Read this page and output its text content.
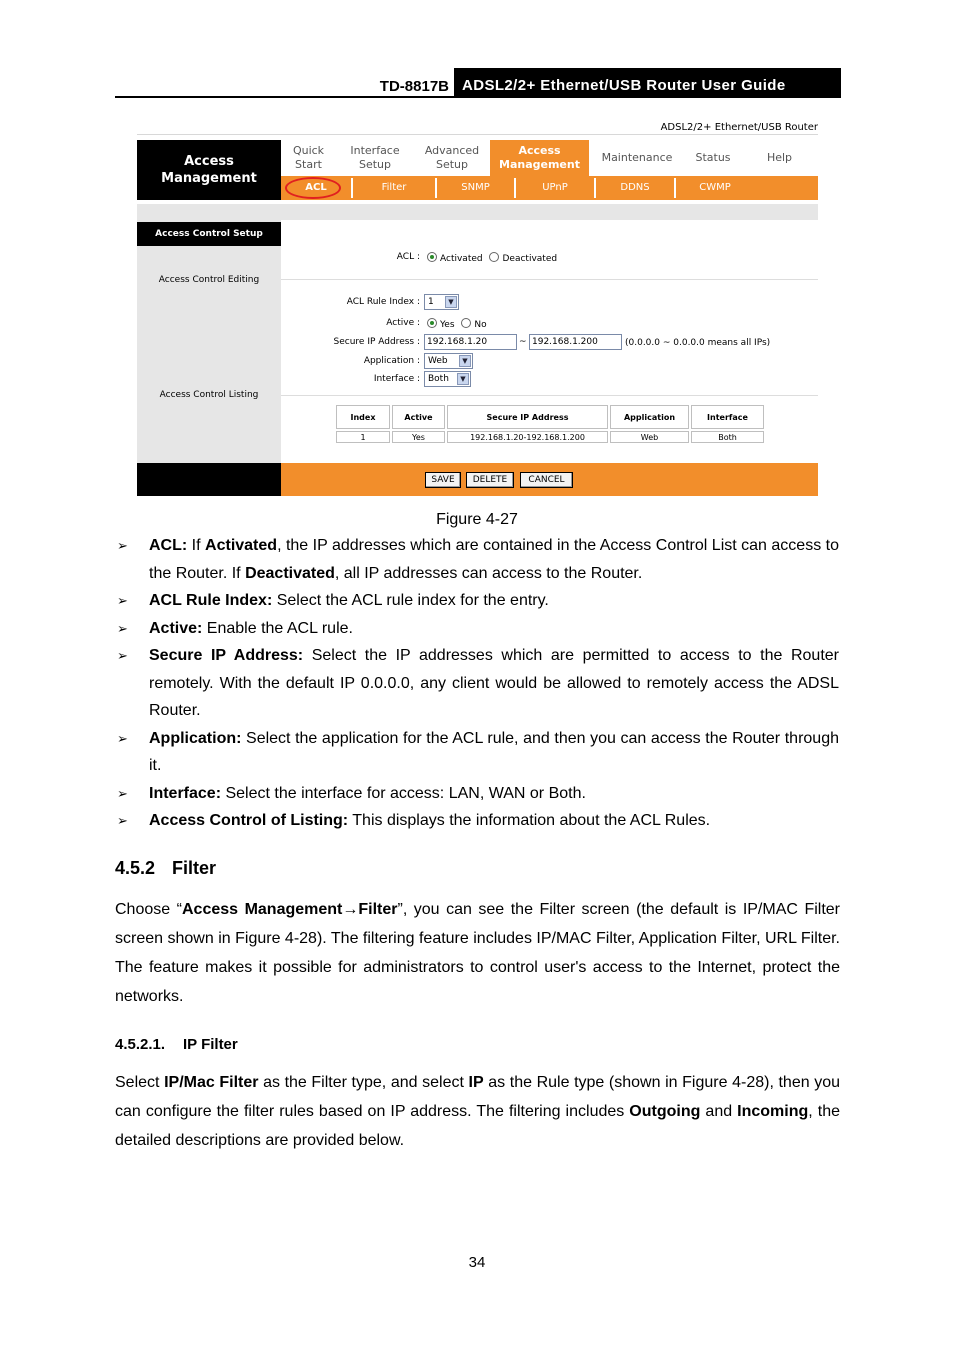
TD-8817B ADSL2/2+ Ethernet/USB Router User Guide
ADSL2/2+ Ethernet/USB Router
Access
Management
Quick
Start
Interface
Setup
Advanced
Setup
Access
Management
Maintenance	Status	Help
ACL	Filter	SNMP	UPnP	DDNS	CWMP
Access Control Setup
Access Control Editing
Access Control Listing
ACL :	Activated Deactivated
ACL Rule Index : 1	▼
Active :	Yes No
Secure IP Address : 192.168.1.20	~ 192.168.1.200	(0.0.0.0 ~ 0.0.0.0 means all IPs)
Application : Web	▼
Interface : Both	▼
Index	Active	Secure IP Address	Application	Interface
1	Yes	192.168.1.20-192.168.1.200	Web	Both
SAVE	DELETE	CANCEL
Figure 4-27
➢ ACL: If Activated, the IP addresses which are contained in the Access Control List can access to the Router. If Deactivated, all IP addresses can access to the Router.
➢ ACL Rule Index: Select the ACL rule index for the entry.
➢ Active: Enable the ACL rule.
➢ Secure IP Address: Select the IP addresses which are permitted to access to the Router remotely. With the default IP 0.0.0.0, any client would be allowed to remotely access the ADSL Router.
➢ Application: Select the application for the ACL rule, and then you can access the Router through it.
➢ Interface: Select the interface for access: LAN, WAN or Both.
➢ Access Control of Listing: This displays the information about the ACL Rules.
4.5.2 Filter
Choose “Access Management→Filter”, you can see the Filter screen (the default is IP/MAC Filter screen shown in Figure 4-28). The filtering feature includes IP/MAC Filter, Application Filter, URL Filter. The feature makes it possible for administrators to control user's access to the Internet, protect the networks.
4.5.2.1. IP Filter
Select IP/Mac Filter as the Filter type, and select IP as the Rule type (shown in Figure 4-28), then you can configure the filter rules based on IP address. The filtering includes Outgoing and Incoming, the detailed descriptions are provided below.
34
